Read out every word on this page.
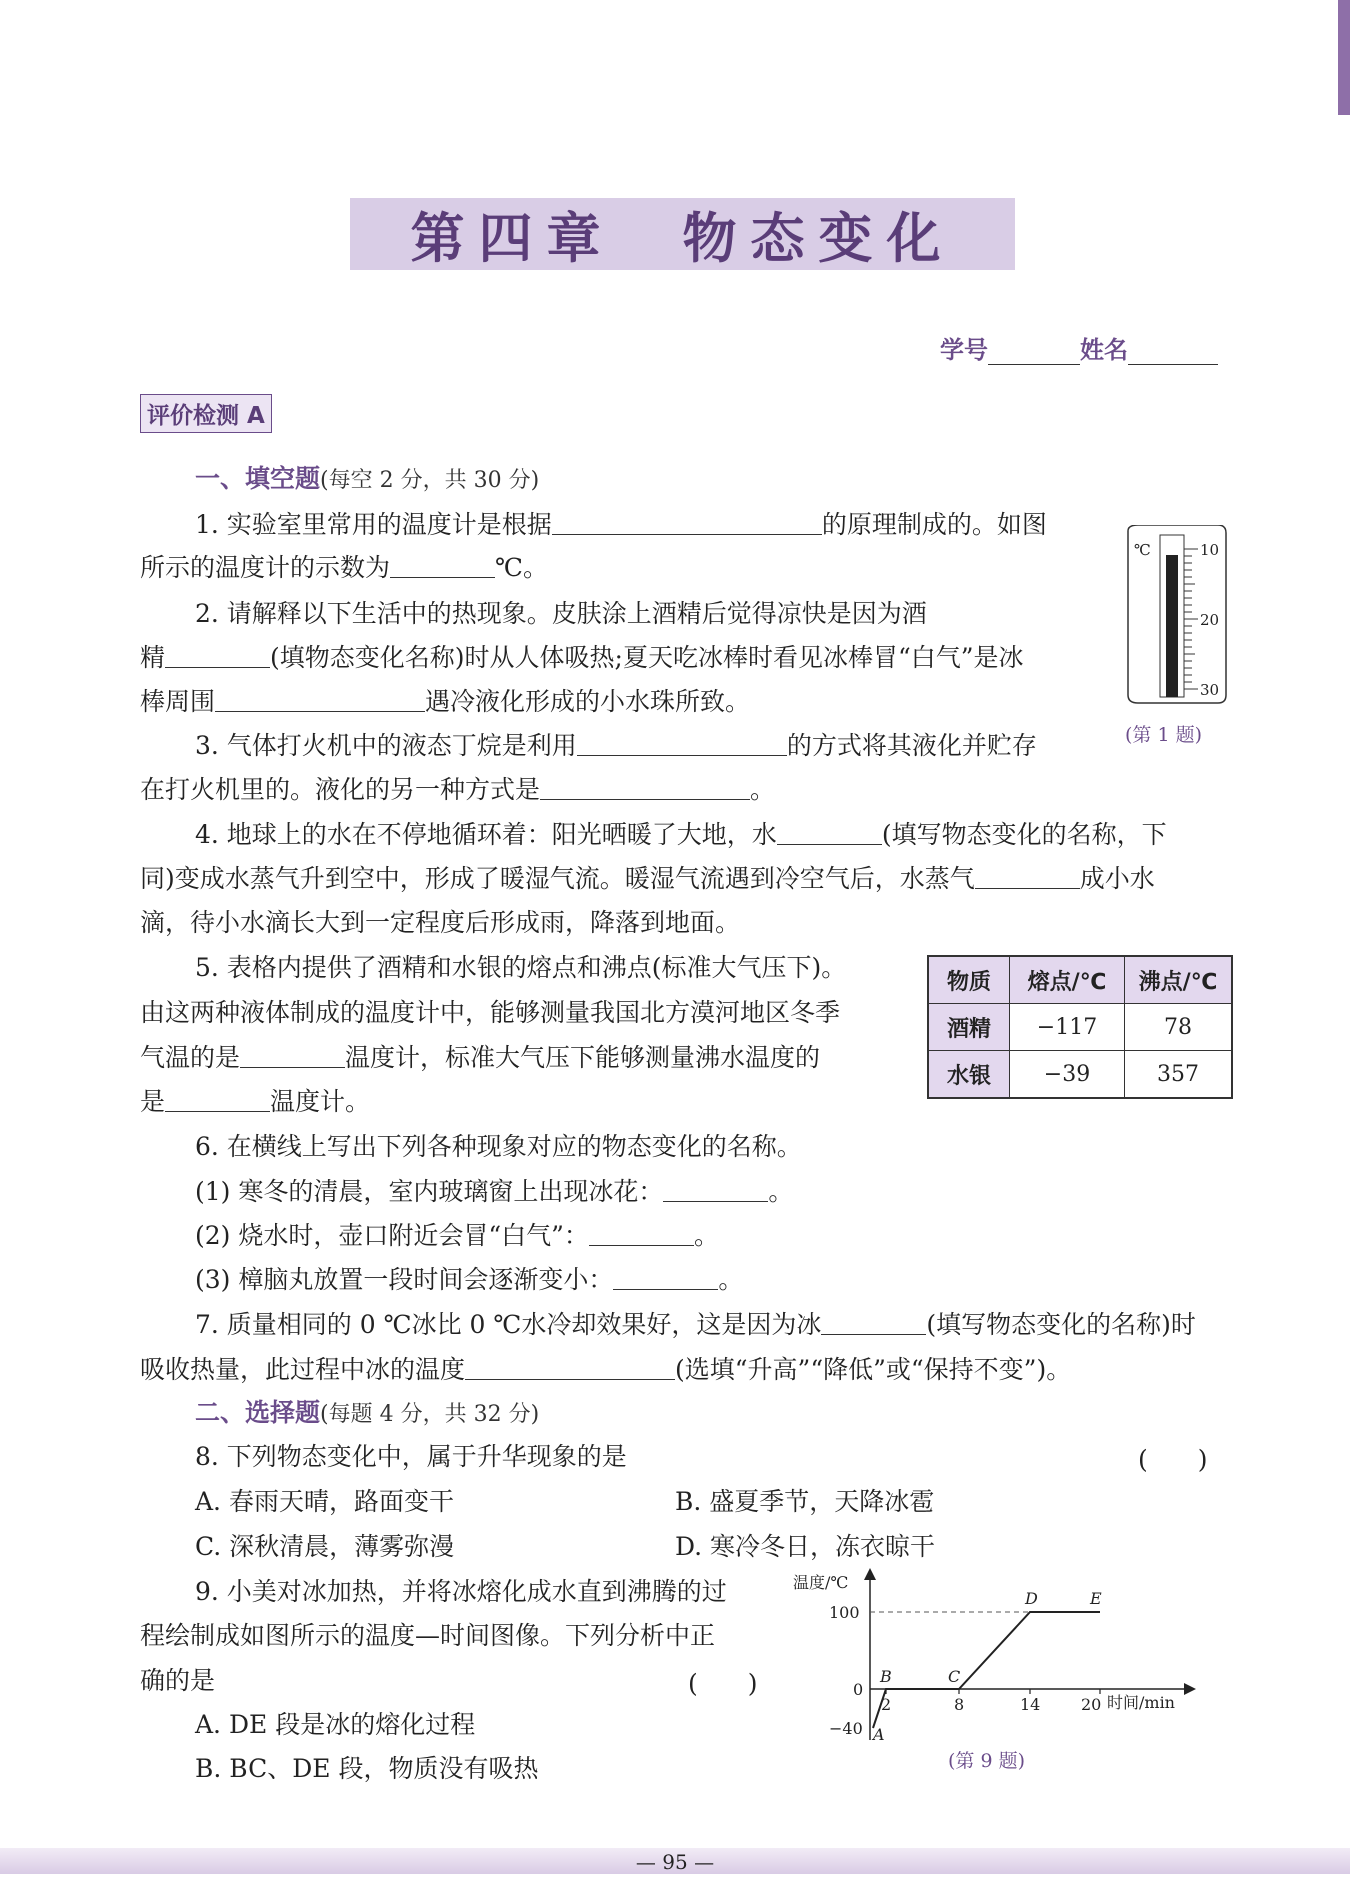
第四章　物态变化
学号	姓名
评价检测 A
一、填空题(每空 2 分，共 30 分)
1. 实验室里常用的温度计是根据	的原理制成的。如图
所示的温度计的示数为	℃。
2. 请解释以下生活中的热现象。皮肤涂上酒精后觉得凉快是因为酒
精	(填物态变化名称)时从人体吸热;夏天吃冰棒时看见冰棒冒“白气”是冰
棒周围	遇冷液化形成的小水珠所致。
℃	10
20
30
(第 1 题)
3. 气体打火机中的液态丁烷是利用	的方式将其液化并贮存
在打火机里的。液化的另一种方式是	。
4. 地球上的水在不停地循环着：阳光晒暖了大地，水	(填写物态变化的名称，下
同)变成水蒸气升到空中，形成了暖湿气流。暖湿气流遇到冷空气后，水蒸气	成小水
滴，待小水滴长大到一定程度后形成雨，降落到地面。
5. 表格内提供了酒精和水银的熔点和沸点(标准大气压下)。
由这两种液体制成的温度计中，能够测量我国北方漠河地区冬季
气温的是	温度计，标准大气压下能够测量沸水温度的
是	温度计。
物质	熔点/℃	沸点/℃
酒精	−117	78
水银	−39	357
6. 在横线上写出下列各种现象对应的物态变化的名称。
(1) 寒冬的清晨，室内玻璃窗上出现冰花：	。
(2) 烧水时，壶口附近会冒“白气”：	。
(3) 樟脑丸放置一段时间会逐渐变小：	。
7. 质量相同的 0 ℃冰比 0 ℃水冷却效果好，这是因为冰	(填写物态变化的名称)时
吸收热量，此过程中冰的温度	(选填“升高”“降低”或“保持不变”)。
二、选择题(每题 4 分，共 32 分)
8. 下列物态变化中，属于升华现象的是	(　　)
A. 春雨天晴，路面变干	B. 盛夏季节，天降冰雹
C. 深秋清晨，薄雾弥漫	D. 寒冷冬日，冻衣晾干
9. 小美对冰加热，并将冰熔化成水直到沸腾的过
程绘制成如图所示的温度—时间图像。下列分析中正
确的是	(　　)
A. DE 段是冰的熔化过程
B. BC、DE 段，物质没有吸热
温度/℃
时间/min
100
0
−40
2	8	14	20
A
B	C
D	E
(第 9 题)
— 95 —
